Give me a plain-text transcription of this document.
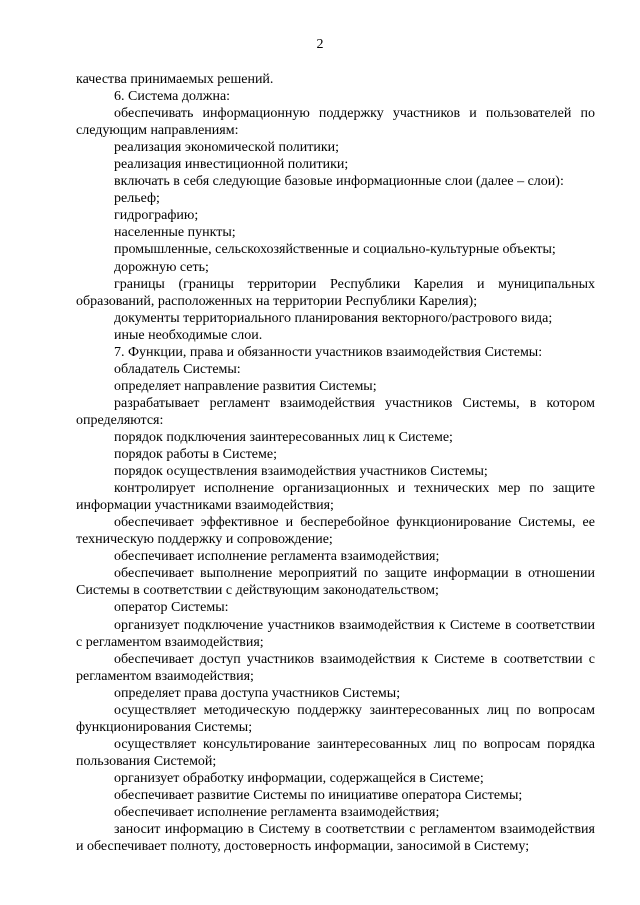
2

качества принимаемых решений.

6. Система должна:

обеспечивать информационную поддержку участников и пользователей по следующим направлениям:

реализация экономической политики;

реализация инвестиционной политики;

включать в себя следующие базовые информационные слои (далее – слои):

рельеф;

гидрографию;

населенные пункты;

промышленные, сельскохозяйственные и социально-культурные объекты;

дорожную сеть;

границы (границы территории Республики Карелия и муниципальных образований, расположенных на территории Республики Карелия);

документы территориального планирования векторного/растрового вида;

иные необходимые слои.

7. Функции, права и обязанности участников взаимодействия Системы:

обладатель Системы:

определяет направление развития Системы;

разрабатывает регламент взаимодействия участников Системы, в котором определяются:

порядок подключения заинтересованных лиц к Системе;

порядок работы в Системе;

порядок осуществления взаимодействия участников Системы;

контролирует исполнение организационных и технических мер по защите информации участниками взаимодействия;

обеспечивает эффективное и бесперебойное функционирование Системы, ее техническую поддержку и сопровождение;

обеспечивает исполнение регламента взаимодействия;

обеспечивает выполнение мероприятий по защите информации в отношении Системы в соответствии с действующим законодательством;

оператор Системы:

организует подключение участников взаимодействия к Системе в соответствии с регламентом взаимодействия;

обеспечивает доступ участников взаимодействия к Системе в соответствии с регламентом взаимодействия;

определяет права доступа участников Системы;

осуществляет методическую поддержку заинтересованных лиц по вопросам функционирования Системы;

осуществляет консультирование заинтересованных лиц по вопросам порядка пользования Системой;

организует обработку информации, содержащейся в Системе;

обеспечивает развитие Системы по инициативе оператора Системы;

обеспечивает исполнение регламента взаимодействия;

заносит информацию в Систему в соответствии с регламентом взаимодействия и обеспечивает полноту, достоверность информации, заносимой в Систему;
